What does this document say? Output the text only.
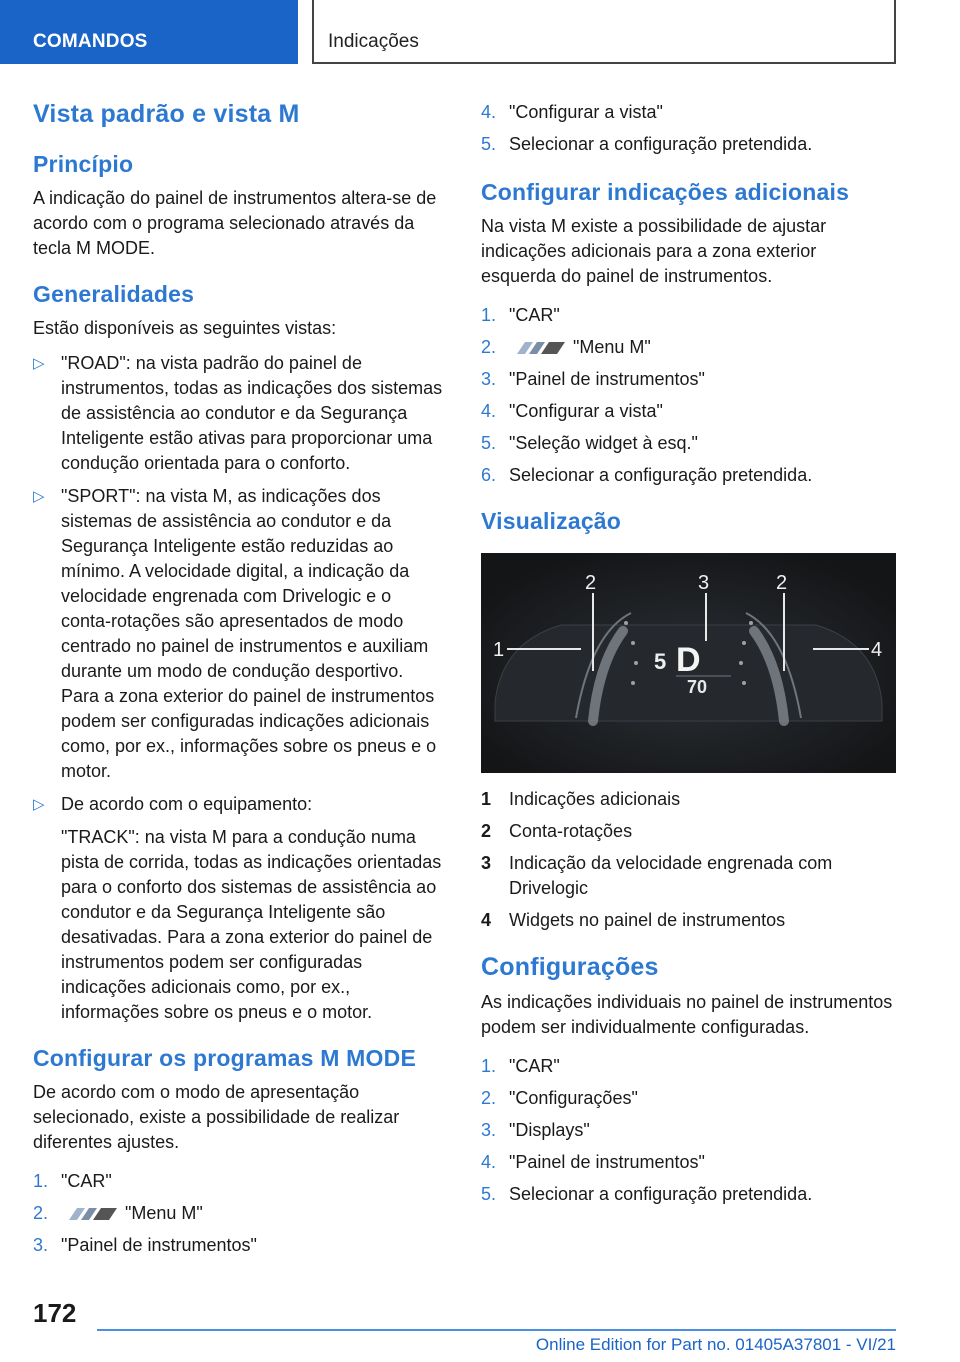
COMANDOS	Indicações
Vista padrão e vista M
Princípio

A indicação do painel de instrumentos altera-se de acordo com o programa selecionado através da tecla M MODE.

Generalidades

Estão disponíveis as seguintes vistas:

▷ "ROAD": na vista padrão do painel de instrumentos, todas as indicações dos sistemas de assistência ao condutor e da Segurança Inteligente estão ativas para proporcionar uma condução orientada para o conforto.
▷ "SPORT": na vista M, as indicações dos sistemas de assistência ao condutor e da Segurança Inteligente estão reduzidas ao mínimo. A velocidade digital, a indicação da velocidade engrenada com Drivelogic e o conta-rotações são apresentados de modo centrado no painel de instrumentos e auxiliam durante um modo de condução desportivo. Para a zona exterior do painel de instrumentos podem ser configuradas indicações adicionais como, por ex., informações sobre os pneus e o motor.
▷ De acordo com o equipamento:
"TRACK": na vista M para a condução numa pista de corrida, todas as indicações orientadas para o conforto dos sistemas de assistência ao condutor e da Segurança Inteligente são desativadas. Para a zona exterior do painel de instrumentos podem ser configuradas indicações adicionais como, por ex., informações sobre os pneus e o motor.
Configurar os programas M MODE

De acordo com o modo de apresentação selecionado, existe a possibilidade de realizar diferentes ajustes.

1. "CAR"
2.	"Menu M"
3. "Painel de instrumentos"
4. "Configurar a vista"
5. Selecionar a configuração pretendida.
Configurar indicações adicionais

Na vista M existe a possibilidade de ajustar indicações adicionais para a zona exterior esquerda do painel de instrumentos.

1. "CAR"
2.	"Menu M"
3. "Painel de instrumentos"
4. "Configurar a vista"
5. "Seleção widget à esq."
6. Selecionar a configuração pretendida.
Visualização
1
2	3	2
4
5 D
70
1 Indicações adicionais
2 Conta-rotações
3 Indicação da velocidade engrenada com Drivelogic
4 Widgets no painel de instrumentos
Configurações

As indicações individuais no painel de instrumentos podem ser individualmente configuradas.

1. "CAR"
2. "Configurações"
3. "Displays"
4. "Painel de instrumentos"
5. Selecionar a configuração pretendida.
172
Online Edition for Part no. 01405A37801 - VI/21
